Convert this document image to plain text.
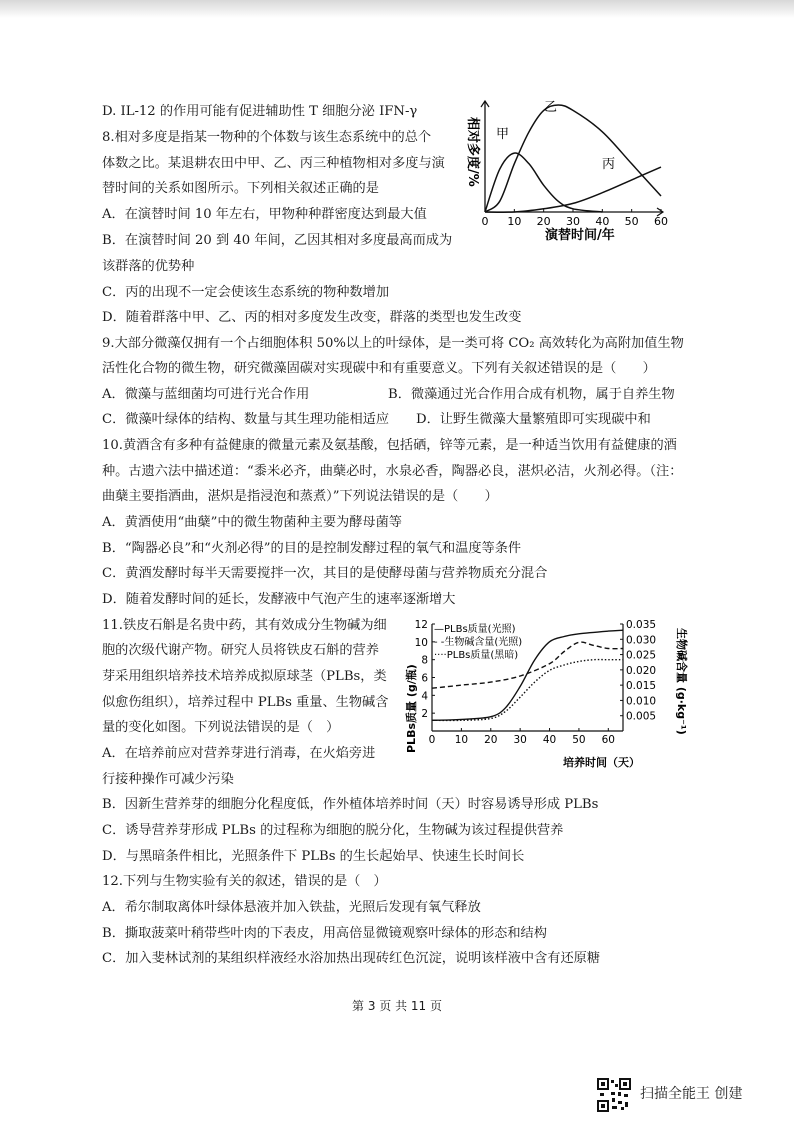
D. IL-12 的作用可能有促进辅助性 T 细胞分泌 IFN-γ
8.相对多度是指某一物种的个体数与该生态系统中的总个
体数之比。某退耕农田中甲、乙、丙三种植物相对多度与演
替时间的关系如图所示。下列相关叙述正确的是
A．在演替时间 10 年左右，甲物种种群密度达到最大值
B．在演替时间 20 到 40 年间，乙因其相对多度最高而成为
该群落的优势种
C．丙的出现不一定会使该生态系统的物种数增加
D．随着群落中甲、乙、丙的相对多度发生改变，群落的类型也发生改变
9.大部分微藻仅拥有一个占细胞体积 50%以上的叶绿体，是一类可将 CO₂ 高效转化为高附加值生物
活性化合物的微生物，研究微藻固碳对实现碳中和有重要意义。下列有关叙述错误的是（　　）
A．微藻与蓝细菌均可进行光合作用	B．微藻通过光合作用合成有机物，属于自养生物
C．微藻叶绿体的结构、数量与其生理功能相适应 D．让野生微藻大量繁殖即可实现碳中和
10.黄酒含有多种有益健康的微量元素及氨基酸，包括硒，锌等元素，是一种适当饮用有益健康的酒
种。古遗六法中描述道：“黍米必齐，曲蘖必时，水泉必香，陶器必良，湛炽必洁，火剂必得。（注：
曲蘖主要指酒曲，湛炽是指浸泡和蒸煮）”下列说法错误的是（　　）
A．黄酒使用“曲蘖”中的微生物菌种主要为酵母菌等
B．“陶器必良”和“火剂必得”的目的是控制发酵过程的氧气和温度等条件
C．黄酒发酵时每半天需要搅拌一次，其目的是使酵母菌与营养物质充分混合
D．随着发酵时间的延长，发酵液中气泡产生的速率逐渐增大
11.铁皮石斛是名贵中药，其有效成分生物碱为细
胞的次级代谢产物。研究人员将铁皮石斛的营养
芽采用组织培养技术培养成拟原球茎（PLBs，类
似愈伤组织），培养过程中 PLBs 重量、生物碱含
量的变化如图。下列说法错误的是（　）
A．在培养前应对营养芽进行消毒，在火焰旁进
行接种操作可减少污染
B．因新生营养芽的细胞分化程度低，作外植体培养时间（天）时容易诱导形成 PLBs
C．诱导营养芽形成 PLBs 的过程称为细胞的脱分化，生物碱为该过程提供营养
D．与黑暗条件相比，光照条件下 PLBs 的生长起始早、快速生长时间长
12.下列与生物实验有关的叙述，错误的是（　）
A．希尔制取离体叶绿体悬液并加入铁盐，光照后发现有氧气释放
B．撕取菠菜叶稍带些叶肉的下表皮，用高倍显微镜观察叶绿体的形态和结构
C．加入斐林试剂的某组织样液经水浴加热出现砖红色沉淀，说明该样液中含有还原糖
0 10 20 30 40 50 60
相对多度/%
演替时间/年
甲
乙
丙
2
4
6
8
10
12
0.005
0.010
0.015
0.020
0.025
0.030
0.035
0 10 20 30 40 50 60
PLBs质量 (g/瓶)	生物碱含量 (g·kg⁻¹)
培养时间（天）
—PLBs质量(光照)
- -生物碱含量(光照)
····PLBs质量(黑暗)
第 3 页 共 11 页
扫描全能王 创建
